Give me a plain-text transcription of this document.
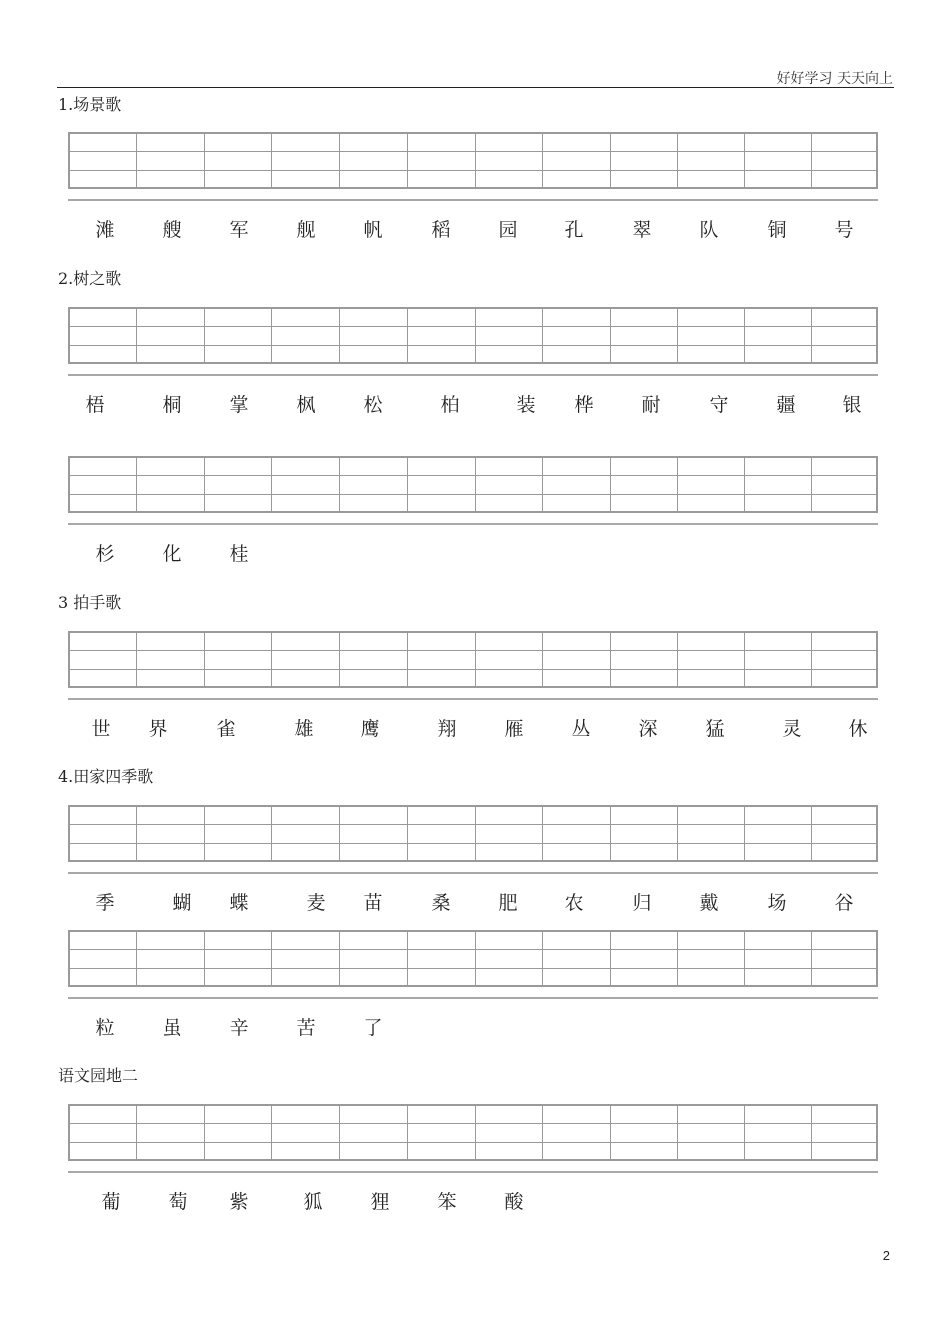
好好学习 天天向上
1.场景歌
滩	艘	军	舰	帆	稻	园 孔	翠	队	铜	号
2.树之歌
梧	桐	掌	枫	松	柏	装 桦	耐	守	疆 银
杉	化	桂
3 拍手歌
世 界	雀	雄 鹰	翔	雁	丛	深	猛	灵 休
4.田家四季歌
季	蝴 蝶	麦 苗	桑	肥 农	归	戴	场	谷
粒	虽	辛	苦	了
语文园地二
葡	萄 紫	狐	狸	笨	酸
2
